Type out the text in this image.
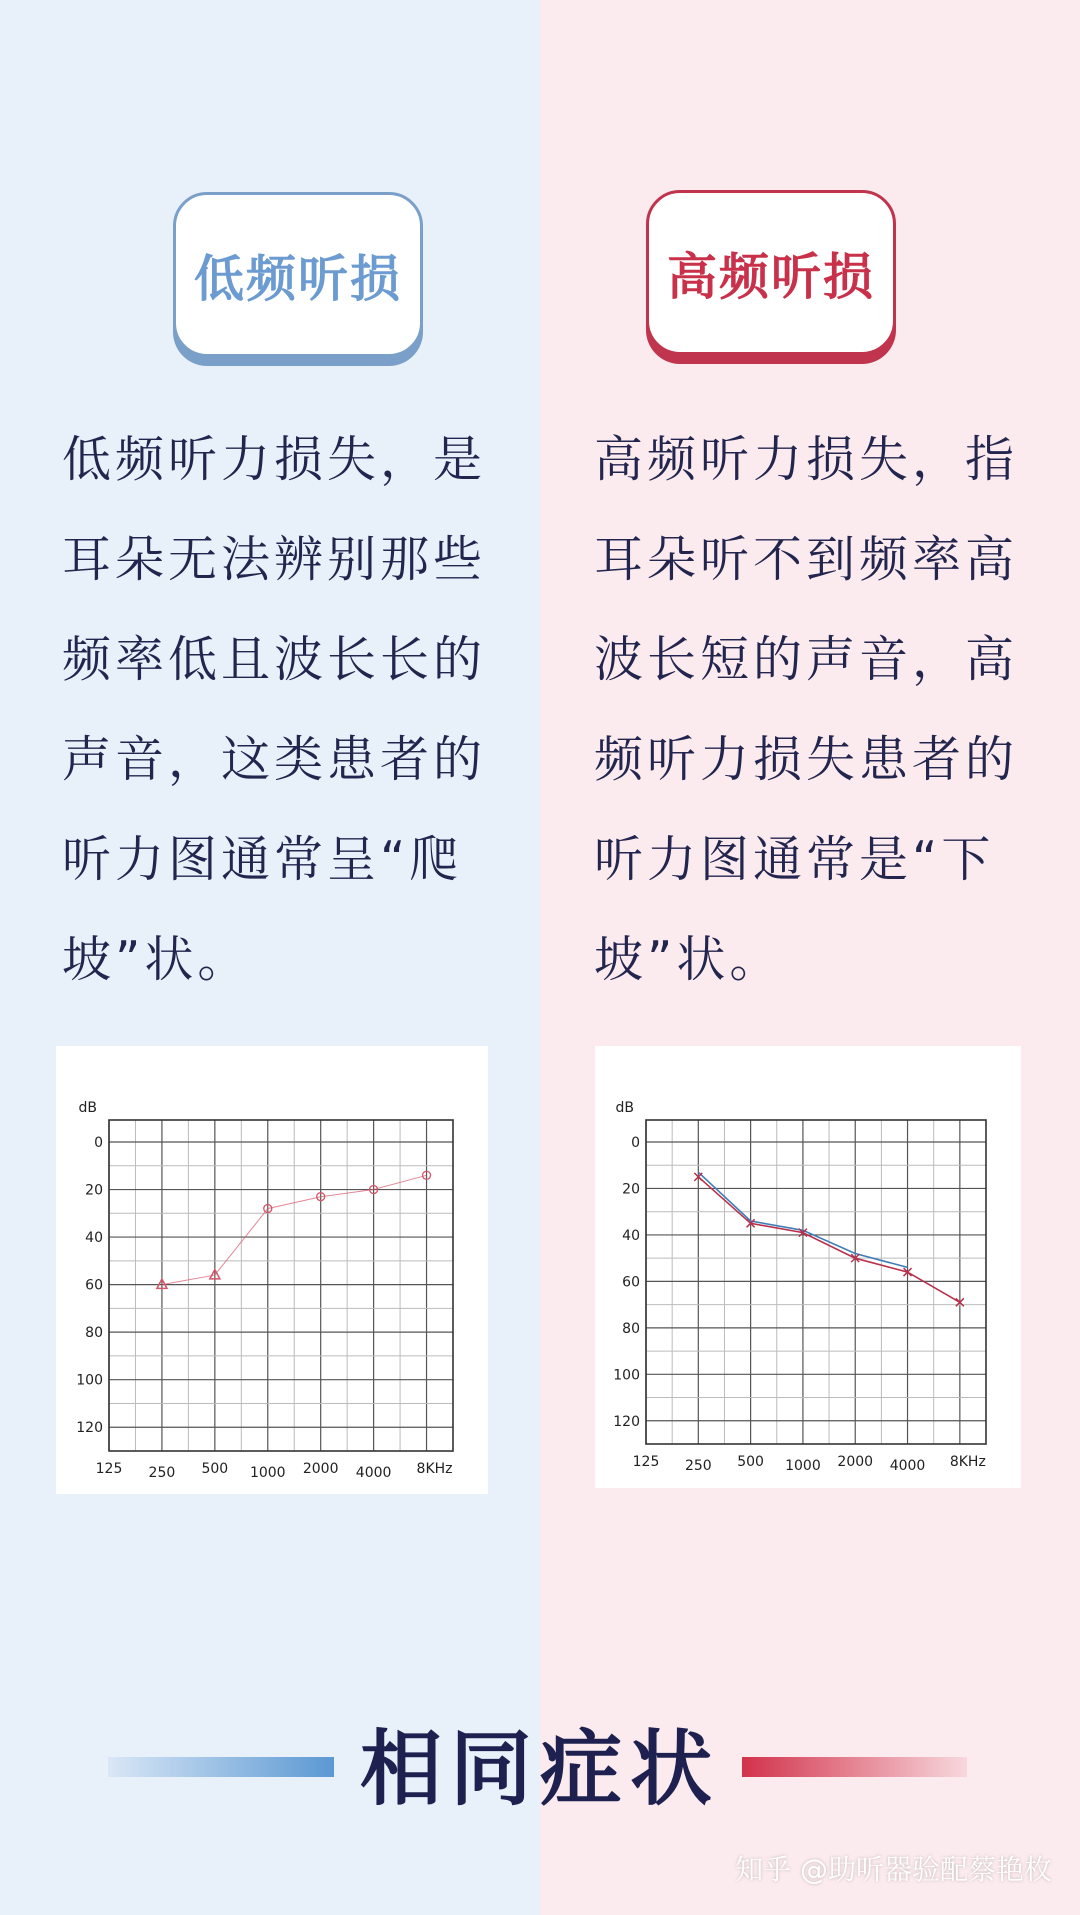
低频听损	高频听损

低频听力损失，是耳朵无法辨别那些频率低且波长长的声音，这类患者的听力图通常呈“爬坡”状。

高频听力损失，指耳朵听不到频率高波长短的声音，高频听力损失患者的听力图通常是“下坡”状。

0
20
40
60
80
100
120
dB
125 250 500 1000 2000 4000 8KHz
0
20
40
60
80
100
120
dB
125 250 500 1000 2000 4000 8KHz
相同症状
知乎 @助听器验配蔡艳枚
